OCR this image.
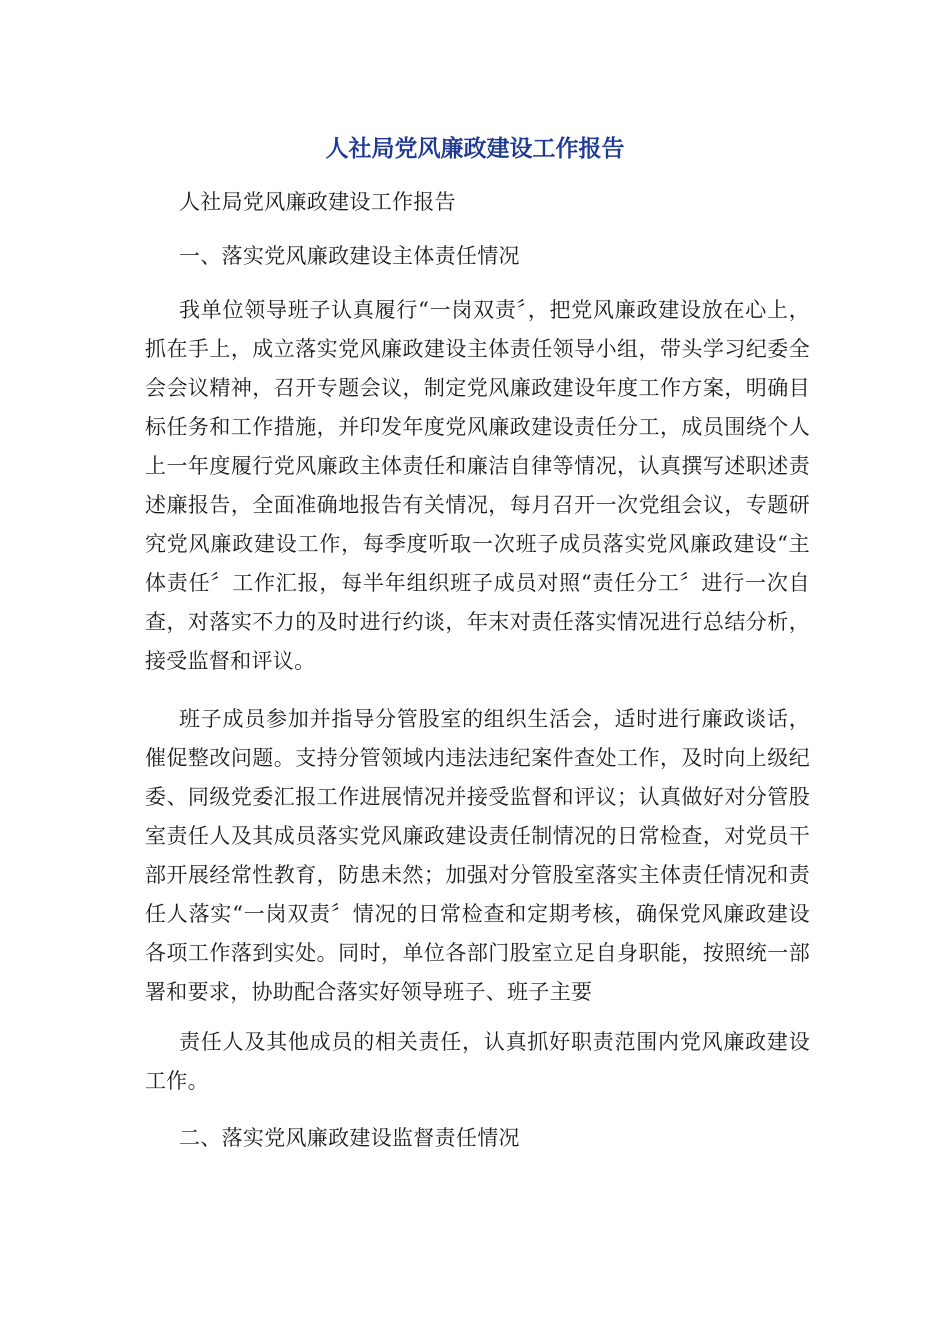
人社局党风廉政建设工作报告

人社局党风廉政建设工作报告

一、落实党风廉政建设主体责任情况

我单位领导班子认真履行“一岗双责〞，把党风廉政建设放在心上，抓在手上，成立落实党风廉政建设主体责任领导小组，带头学习纪委全会会议精神，召开专题会议，制定党风廉政建设年度工作方案，明确目标任务和工作措施，并印发年度党风廉政建设责任分工，成员围绕个人上一年度履行党风廉政主体责任和廉洁自律等情况，认真撰写述职述责述廉报告，全面准确地报告有关情况，每月召开一次党组会议，专题研究党风廉政建设工作，每季度听取一次班子成员落实党风廉政建设“主体责任〞工作汇报，每半年组织班子成员对照“责任分工〞进行一次自查，对落实不力的及时进行约谈，年末对责任落实情况进行总结分析，接受监督和评议。

班子成员参加并指导分管股室的组织生活会，适时进行廉政谈话，催促整改问题。支持分管领域内违法违纪案件查处工作，及时向上级纪委、同级党委汇报工作进展情况并接受监督和评议；认真做好对分管股室责任人及其成员落实党风廉政建设责任制情况的日常检查，对党员干部开展经常性教育，防患未然；加强对分管股室落实主体责任情况和责任人落实“一岗双责〞情况的日常检查和定期考核，确保党风廉政建设各项工作落到实处。同时，单位各部门股室立足自身职能，按照统一部署和要求，协助配合落实好领导班子、班子主要

责任人及其他成员的相关责任，认真抓好职责范围内党风廉政建设工作。

二、落实党风廉政建设监督责任情况
